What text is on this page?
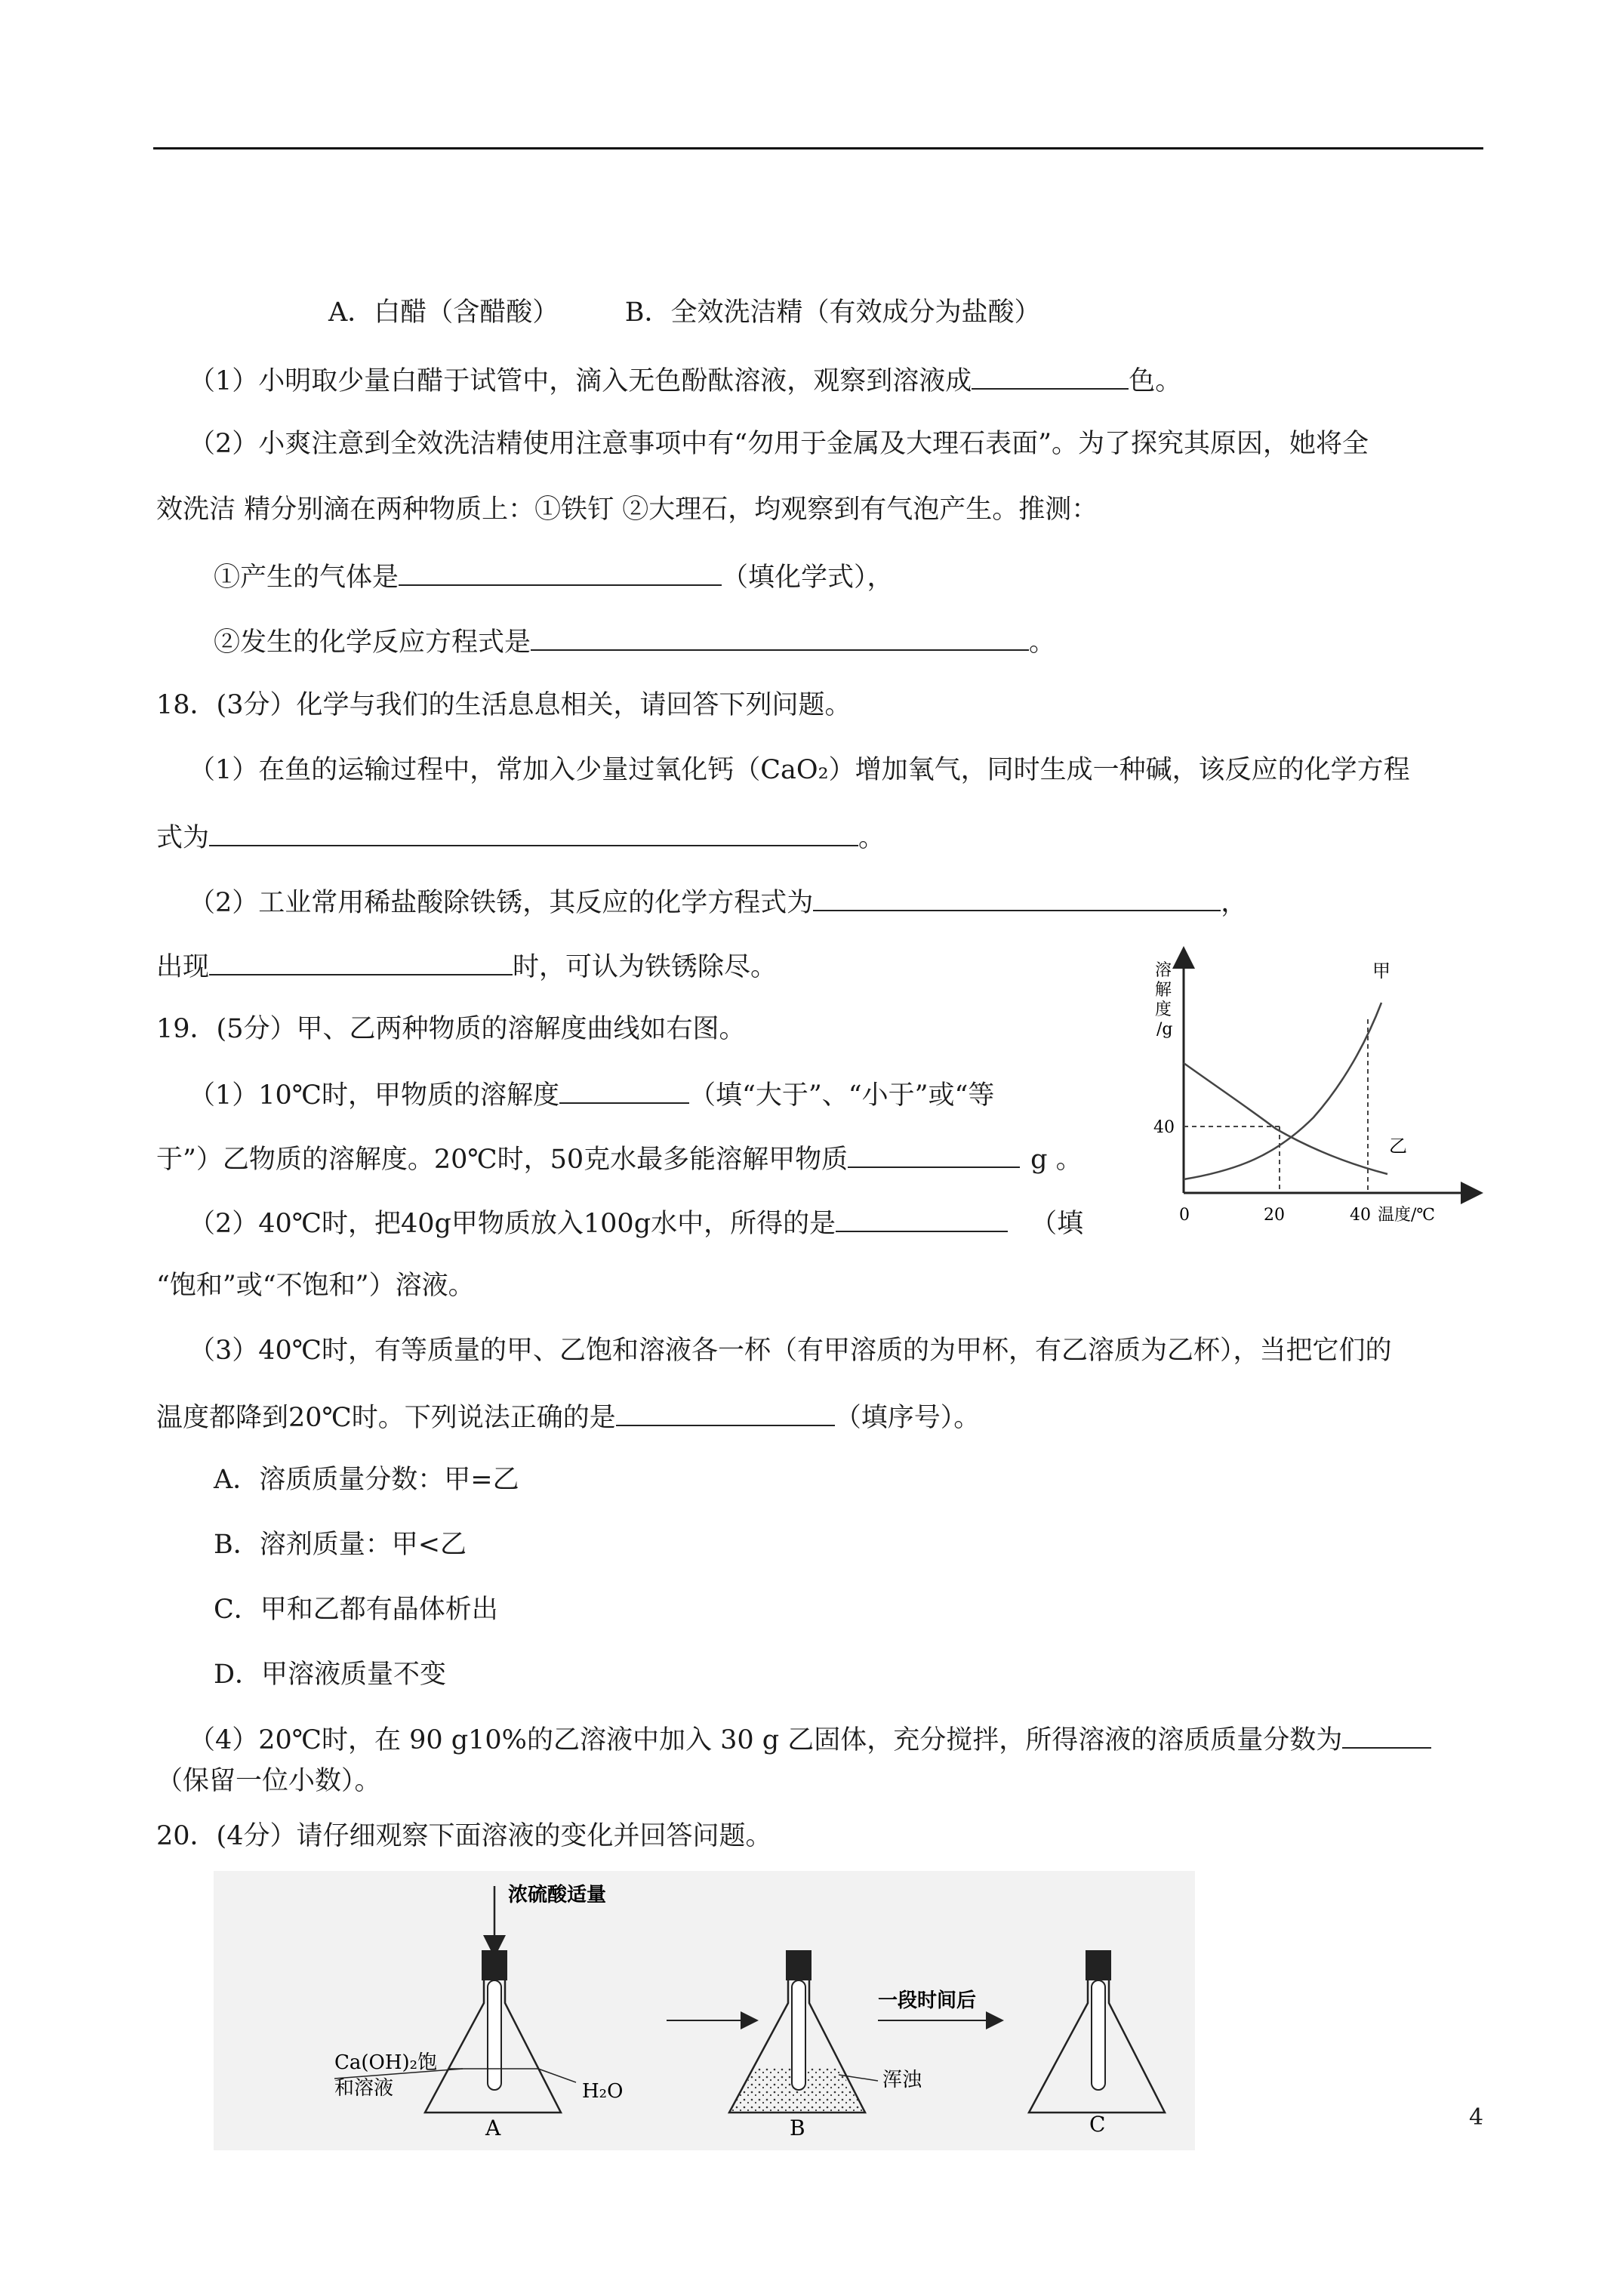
A．白醋（含醋酸）　　　B．全效洗洁精（有效成分为盐酸）
（1）小明取少量白醋于试管中，滴入无色酚酞溶液，观察到溶液成	色。
（2）小爽注意到全效洗洁精使用注意事项中有“勿用于金属及大理石表面”。为了探究其原因，她将全
效洗洁 精分别滴在两种物质上：①铁钉 ②大理石，均观察到有气泡产生。推测：
①产生的气体是	（填化学式），
②发生的化学反应方程式是	。
18．(3分）化学与我们的生活息息相关，请回答下列问题。
（1）在鱼的运输过程中，常加入少量过氧化钙（CaO₂）增加氧气，同时生成一种碱，该反应的化学方程
式为	。
（2）工业常用稀盐酸除铁锈，其反应的化学方程式为	，
出现	时，可认为铁锈除尽。
19．(5分）甲、乙两种物质的溶解度曲线如右图。
（1）10℃时，甲物质的溶解度	（填“大于”、“小于”或“等
于”）乙物质的溶解度。20℃时，50克水最多能溶解甲物质	g 。
（2）40℃时，把40g甲物质放入100g水中，所得的是	（填
“饱和”或“不饱和”）溶液。
（3）40℃时，有等质量的甲、乙饱和溶液各一杯（有甲溶质的为甲杯，有乙溶质为乙杯），当把它们的
温度都降到20℃时。下列说法正确的是	（填序号）。
A．溶质质量分数：甲=乙
B．溶剂质量：甲<乙
C．甲和乙都有晶体析出
D．甲溶液质量不变
（4）20℃时，在 90 g10%的乙溶液中加入 30 g 乙固体，充分搅拌，所得溶液的溶质质量分数为
（保留一位小数）。
20．(4分）请仔细观察下面溶液的变化并回答问题。
溶
解
度
/g
40
0	20	40 温度/℃
甲
乙
浓硫酸适量
Ca(OH)₂饱
和溶液	H₂O
A
浑浊
B
一段时间后
C	4
